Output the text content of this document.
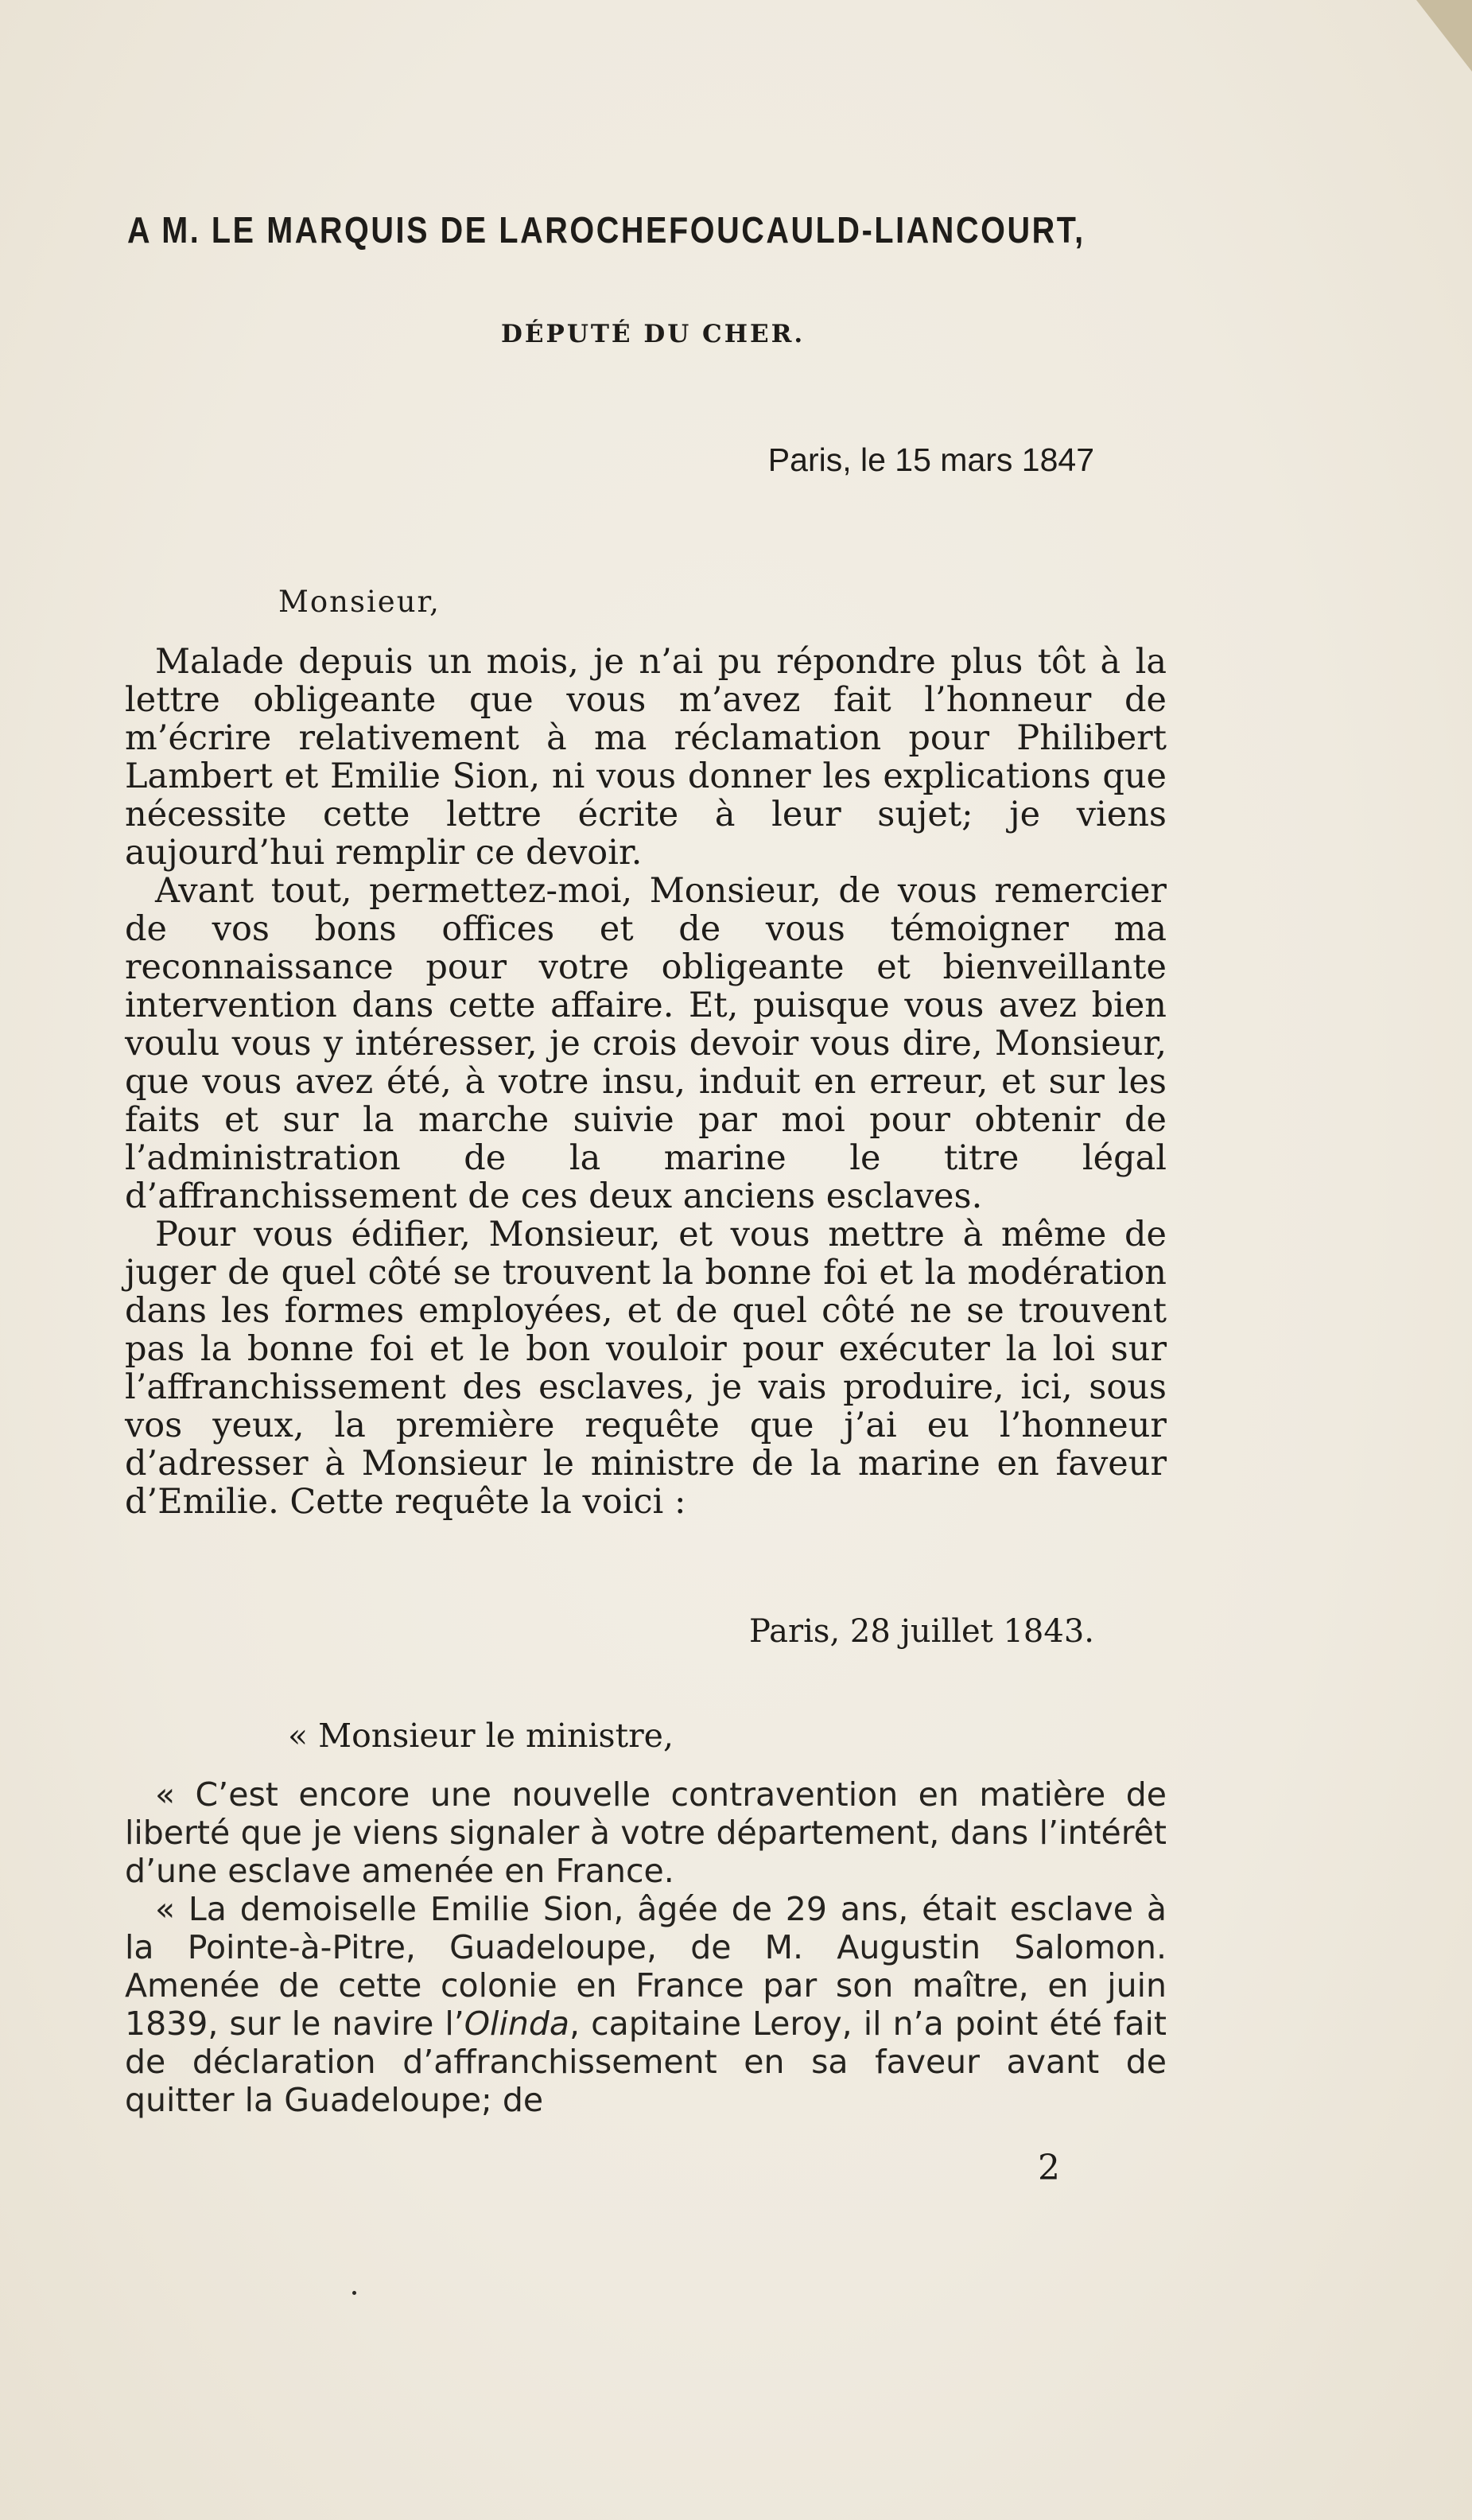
A M. LE MARQUIS DE LAROCHEFOUCAULD-LIANCOURT,
DÉPUTÉ DU CHER.
Paris, le 15 mars 1847
Monsieur,

Malade depuis un mois, je n’ai pu répondre plus tôt à la lettre obligeante que vous m’avez fait l’honneur de m’écrire relativement à ma réclamation pour Philibert Lambert et Emilie Sion, ni vous donner les explications que nécessite cette lettre écrite à leur sujet; je viens aujourd’hui remplir ce devoir.

Avant tout, permettez-moi, Monsieur, de vous remercier de vos bons offices et de vous témoigner ma reconnaissance pour votre obligeante et bienveillante intervention dans cette affaire. Et, puisque vous avez bien voulu vous y intéresser, je crois devoir vous dire, Monsieur, que vous avez été, à votre insu, induit en erreur, et sur les faits et sur la marche suivie par moi pour obtenir de l’administration de la marine le titre légal d’affranchissement de ces deux anciens esclaves.

Pour vous édifier, Monsieur, et vous mettre à même de juger de quel côté se trouvent la bonne foi et la modération dans les formes employées, et de quel côté ne se trouvent pas la bonne foi et le bon vouloir pour exécuter la loi sur l’affranchissement des esclaves, je vais produire, ici, sous vos yeux, la première requête que j’ai eu l’honneur d’adresser à Monsieur le ministre de la marine en faveur d’Emilie. Cette requête la voici :

Paris, 28 juillet 1843.
« Monsieur le ministre,

« C’est encore une nouvelle contravention en matière de liberté que je viens signaler à votre département, dans l’intérêt d’une esclave amenée en France.

« La demoiselle Emilie Sion, âgée de 29 ans, était esclave à la Pointe-à-Pitre, Guadeloupe, de M. Augustin Salomon. Amenée de cette colonie en France par son maître, en juin 1839, sur le navire l’Olinda, capitaine Leroy, il n’a point été fait de déclaration d’affranchissement en sa faveur avant de quitter la Guadeloupe; de

2
